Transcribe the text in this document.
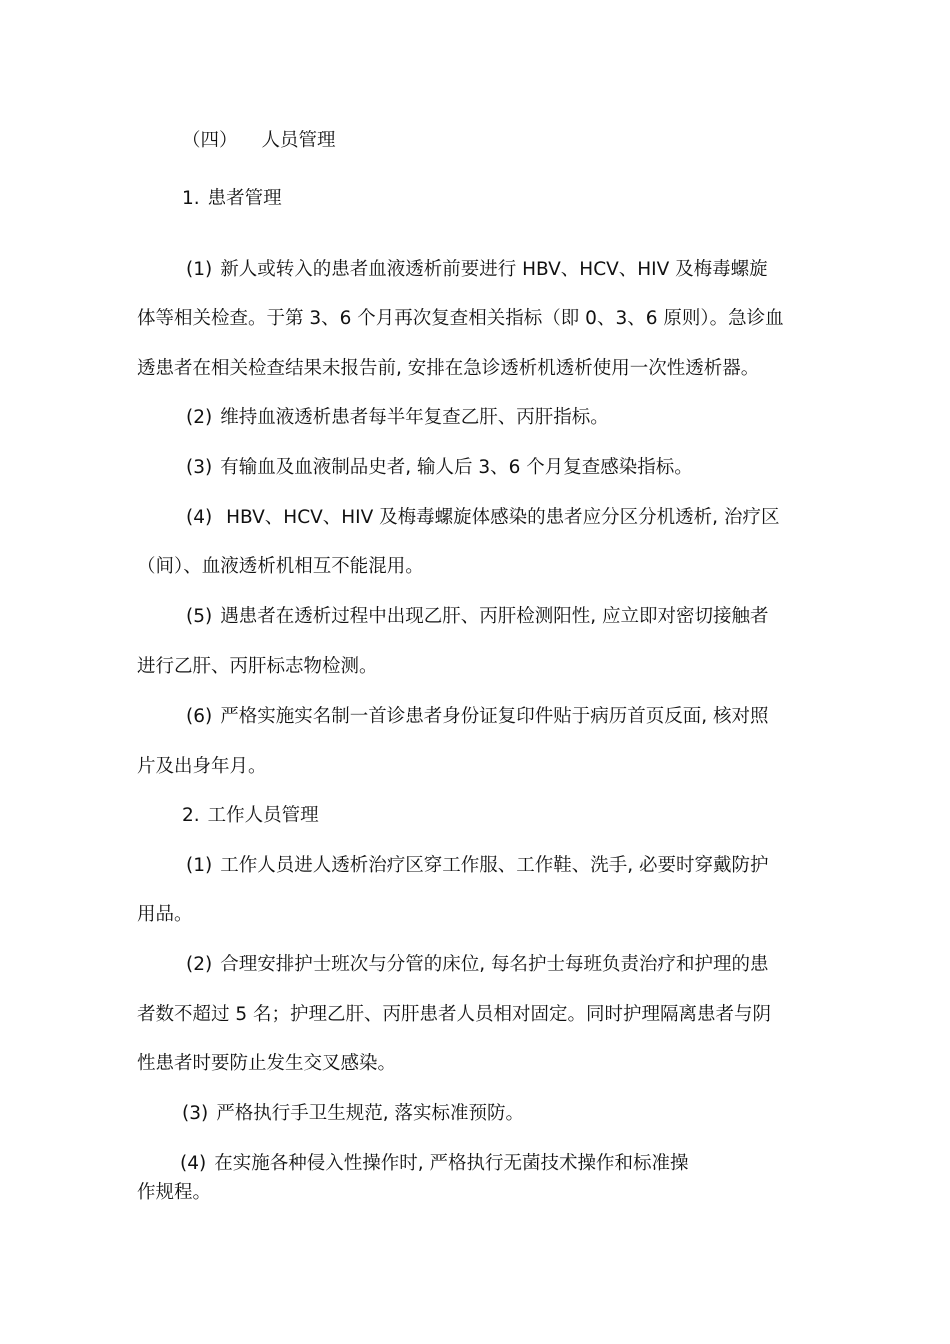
（四） 人员管理

1. 患者管理

(1) 新人或转入的患者血液透析前要进行 HBV、HCV、HIV 及梅毒螺旋

体等相关检查。于第 3、6 个月再次复查相关指标（即 0、3、6 原则）。急诊血

透患者在相关检查结果未报告前, 安排在急诊透析机透析使用一次性透析器。

(2) 维持血液透析患者每半年复查乙肝、丙肝指标。

(3) 有输血及血液制品史者, 输人后 3、6 个月复查感染指标。

(4) HBV、HCV、HIV 及梅毒螺旋体感染的患者应分区分机透析, 治疗区

（间）、血液透析机相互不能混用。

(5) 遇患者在透析过程中出现乙肝、丙肝检测阳性, 应立即对密切接触者

进行乙肝、丙肝标志物检测。

(6) 严格实施实名制一首诊患者身份证复印件贴于病历首页反面, 核对照

片及出身年月。

2. 工作人员管理

(1) 工作人员进人透析治疗区穿工作服、工作鞋、洗手, 必要时穿戴防护

用品。

(2) 合理安排护士班次与分管的床位, 每名护士每班负责治疗和护理的患

者数不超过 5 名；护理乙肝、丙肝患者人员相对固定。同时护理隔离患者与阴

性患者时要防止发生交叉感染。

(3) 严格执行手卫生规范, 落实标准预防。

(4) 在实施各种侵入性操作时, 严格执行无菌技术操作和标准操

作规程。
